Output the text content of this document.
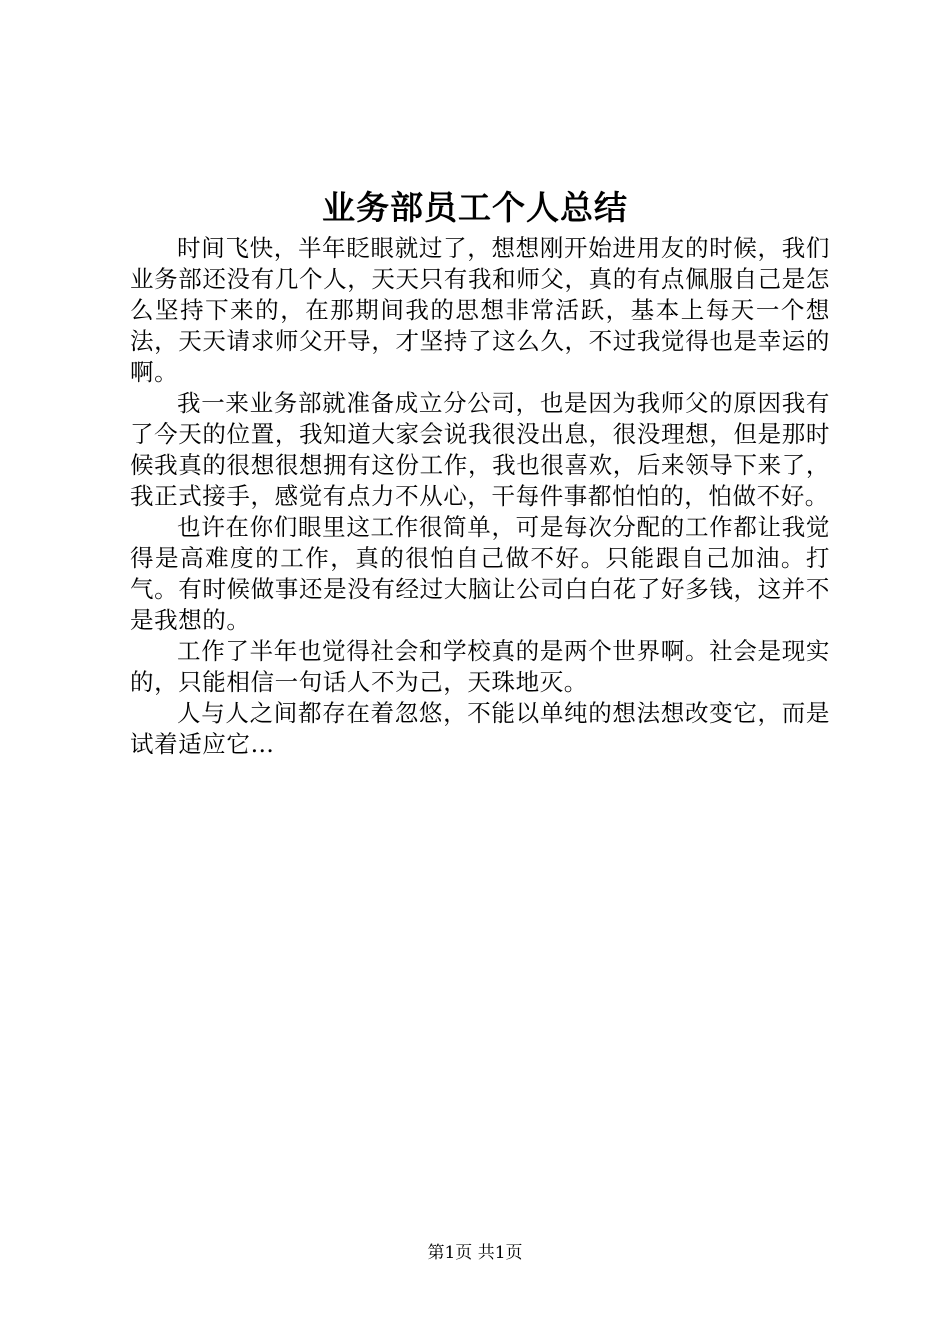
业务部员工个人总结

时间飞快，半年眨眼就过了，想想刚开始进用友的时候，我们业务部还没有几个人，天天只有我和师父，真的有点佩服自己是怎么坚持下来的，在那期间我的思想非常活跃，基本上每天一个想法，天天请求师父开导，才坚持了这么久，不过我觉得也是幸运的啊。

我一来业务部就准备成立分公司，也是因为我师父的原因我有了今天的位置，我知道大家会说我很没出息，很没理想，但是那时候我真的很想很想拥有这份工作，我也很喜欢，后来领导下来了，我正式接手，感觉有点力不从心，干每件事都怕怕的，怕做不好。

也许在你们眼里这工作很简单，可是每次分配的工作都让我觉得是高难度的工作，真的很怕自己做不好。只能跟自己加油。打气。有时候做事还是没有经过大脑让公司白白花了好多钱，这并不是我想的。

工作了半年也觉得社会和学校真的是两个世界啊。社会是现实的，只能相信一句话人不为己，天珠地灭。

人与人之间都存在着忽悠，不能以单纯的想法想改变它，而是试着适应它…

第1页 共1页
